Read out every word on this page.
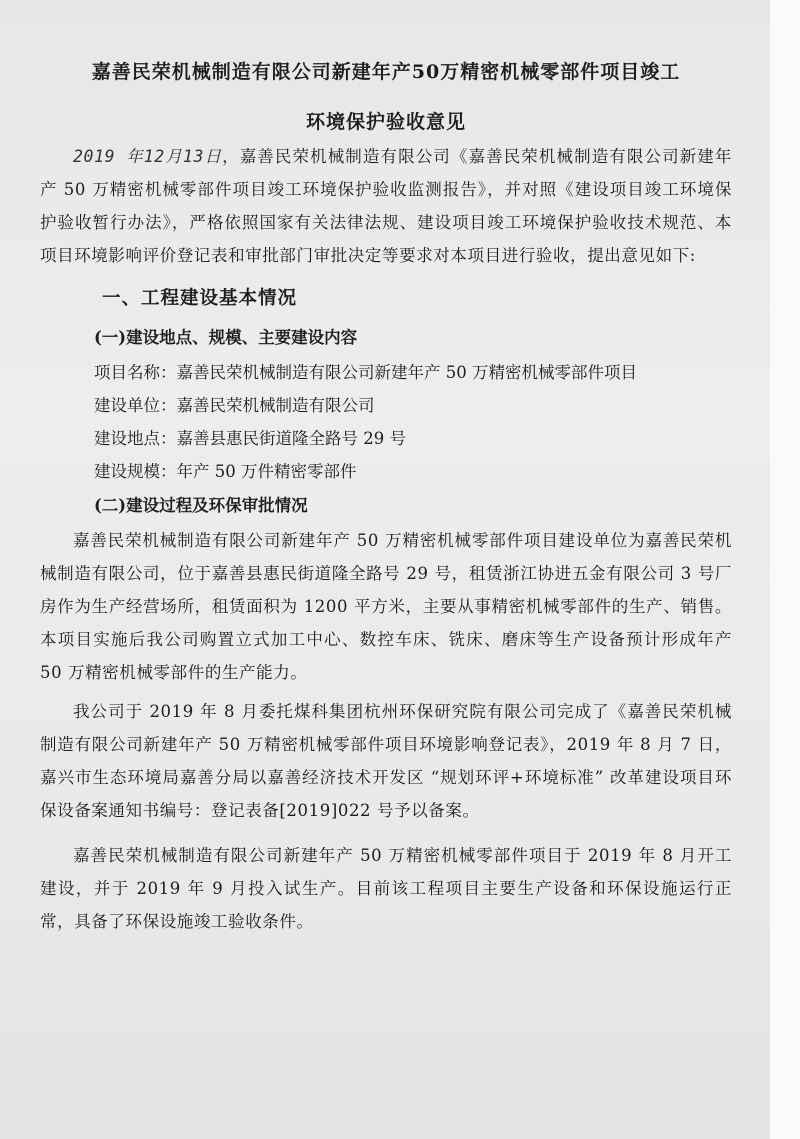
嘉善民荣机械制造有限公司新建年产50万精密机械零部件项目竣工
环境保护验收意见

2019 年12月13日，嘉善民荣机械制造有限公司《嘉善民荣机械制造有限公司新建年产 50 万精密机械零部件项目竣工环境保护验收监测报告》，并对照《建设项目竣工环境保护验收暂行办法》，严格依照国家有关法律法规、建设项目竣工环境保护验收技术规范、本项目环境影响评价登记表和审批部门审批决定等要求对本项目进行验收，提出意见如下:

一、工程建设基本情况
(一)建设地点、规模、主要建设内容
项目名称：嘉善民荣机械制造有限公司新建年产 50 万精密机械零部件项目
建设单位：嘉善民荣机械制造有限公司
建设地点：嘉善县惠民街道隆全路号 29 号
建设规模：年产 50 万件精密零部件
(二)建设过程及环保审批情况

嘉善民荣机械制造有限公司新建年产 50 万精密机械零部件项目建设单位为嘉善民荣机械制造有限公司，位于嘉善县惠民街道隆全路号 29 号，租赁浙江协进五金有限公司 3 号厂房作为生产经营场所，租赁面积为 1200 平方米，主要从事精密机械零部件的生产、销售。本项目实施后我公司购置立式加工中心、数控车床、铣床、磨床等生产设备预计形成年产 50 万精密机械零部件的生产能力。

我公司于 2019 年 8 月委托煤科集团杭州环保研究院有限公司完成了《嘉善民荣机械制造有限公司新建年产 50 万精密机械零部件项目环境影响登记表》，2019 年 8 月 7 日，嘉兴市生态环境局嘉善分局以嘉善经济技术开发区 “规划环评+环境标准” 改革建设项目环保设备案通知书编号：登记表备[2019]022 号予以备案。

嘉善民荣机械制造有限公司新建年产 50 万精密机械零部件项目于 2019 年 8 月开工建设，并于 2019 年 9 月投入试生产。目前该工程项目主要生产设备和环保设施运行正常，具备了环保设施竣工验收条件。
